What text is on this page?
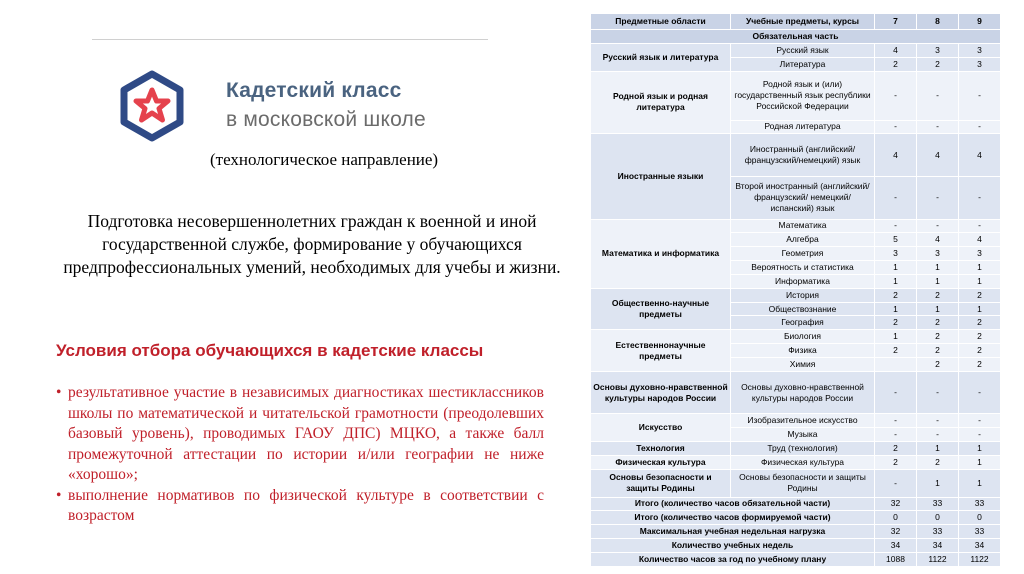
Кадетский класс
в московской школе
(технологическое направление)
Подготовка несовершеннолетних граждан к военной и иной государственной службе, формирование у обучающихся предпрофессиональных умений, необходимых для учебы и жизни.
Условия отбора обучающихся в кадетские классы
• результативное участие в независимых диагностиках шестиклассников школы по математической и читательской грамотности (преодолевших базовый уровень), проводимых ГАОУ ДПС) МЦКО, а также балл промежуточной аттестации по истории и/или географии не ниже «хорошо»;
• выполнение нормативов по физической культуре в соответствии с возрастом
Предметные области	Учебные предметы, курсы	7	8	9
Обязательная часть				
Русский язык и литература	Русский язык	4	3	3
	Литература	2	2	3
Родной язык и родная литература	Родной язык и (или) государственный язык республики Российской Федерации	-	-	-
	Родная литература	-	-	-
Иностранные языки	Иностранный (английский/французский/немецкий) язык	4	4	4
	Второй иностранный (английский/ французский/ немецкий/испанский) язык	-	-	-
Математика и информатика	Математика	-	-	-
	Алгебра	5	4	4
	Геометрия	3	3	3
	Вероятность и статистика	1	1	1
	Информатика	1	1	1
Общественно-научные предметы	История	2	2	2
	Обществознание	1	1	1
	География	2	2	2
Естественнонаучные предметы	Биология	1	2	2
	Физика	2	2	2
	Химия		2	2
Основы духовно-нравственной культуры народов России	Основы духовно-нравственной культуры народов России	-	-	-
Искусство	Изобразительное искусство	-	-	-
	Музыка	-	-	-
Технология	Труд (технология)	2	1	1
Физическая культура	Физическая культура	2	2	1
Основы безопасности и защиты Родины	Основы безопасности и защиты Родины	-	1	1
Итого (количество часов обязательной части)		32	33	33
Итого (количество часов формируемой части)		0	0	0
Максимальная учебная недельная нагрузка		32	33	33
Количество учебных недель		34	34	34
Количество часов за год по учебному плану		1088	1122	1122
